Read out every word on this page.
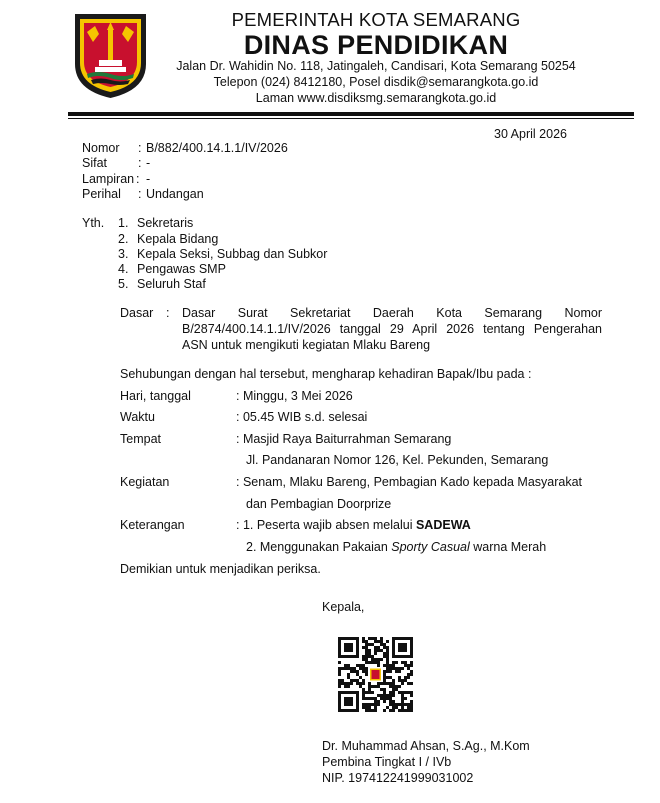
PEMERINTAH KOTA SEMARANG
DINAS PENDIDIKAN
Jalan Dr. Wahidin No. 118, Jatingaleh, Candisari, Kota Semarang 50254
Telepon (024) 8412180, Posel disdik@semarangkota.go.id
Laman www.disdiksmg.semarangkota.go.id
30 April 2026
Nomor : B/882/400.14.1.1/IV/2026
Sifat : -
Lampiran : -
Perihal : Undangan
Yth. 1. Sekretaris
2. Kepala Bidang
3. Kepala Seksi, Subbag dan Subkor
4. Pengawas SMP
5. Seluruh Staf
Dasar : Dasar Surat Sekretariat Daerah Kota Semarang Nomor
B/2874/400.14.1.1/IV/2026 tanggal 29 April 2026 tentang Pengerahan
ASN untuk mengikuti kegiatan Mlaku Bareng
Sehubungan dengan hal tersebut, mengharap kehadiran Bapak/Ibu pada :
Hari, tanggal	: Minggu, 3 Mei 2026
Waktu	: 05.45 WIB s.d. selesai
Tempat	: Masjid Raya Baiturrahman Semarang
Jl. Pandanaran Nomor 126, Kel. Pekunden, Semarang
Kegiatan	: Senam, Mlaku Bareng, Pembagian Kado kepada Masyarakat
dan Pembagian Doorprize
Keterangan	: 1. Peserta wajib absen melalui SADEWA
2. Menggunakan Pakaian Sporty Casual warna Merah
Demikian untuk menjadikan periksa.
Kepala,
Dr. Muhammad Ahsan, S.Ag., M.Kom
Pembina Tingkat I / IVb
NIP. 197412241999031002
